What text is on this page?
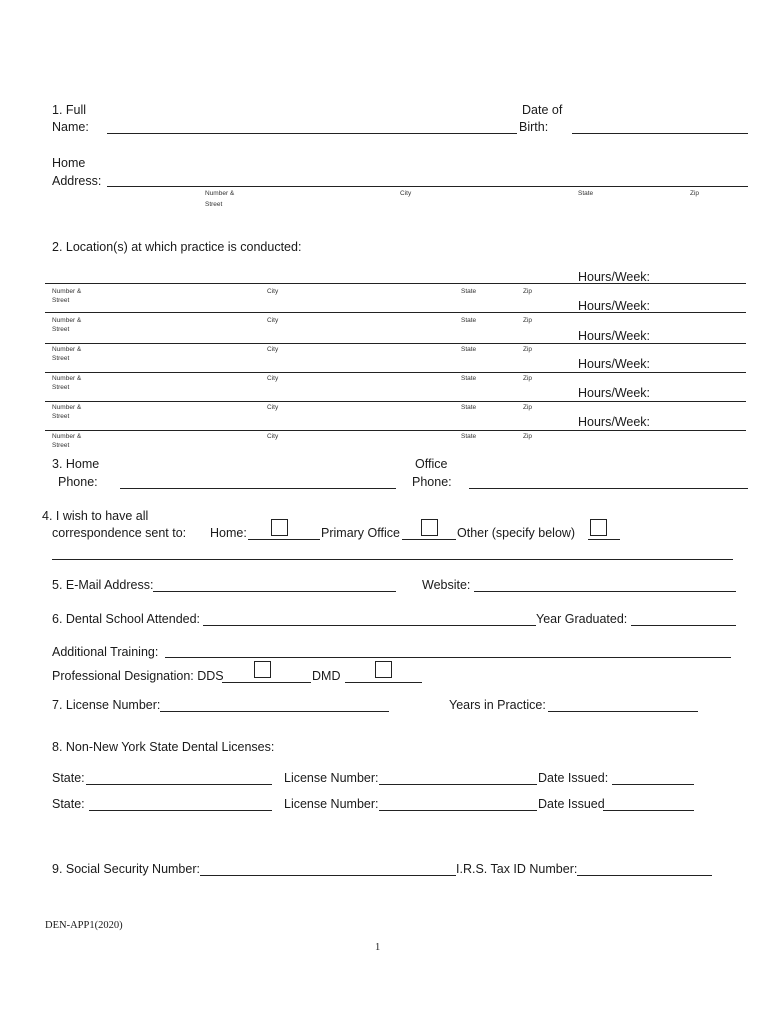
1. Full
Name:
Date of
Birth:
Home
Address:
Number &
Street
City	State	Zip
2. Location(s) at which practice is conducted:
Hours/Week:
Number &
Street
City	State	Zip
Hours/Week:
Number &
Street
City	State	Zip
Hours/Week:
Number &
Street
City	State	Zip
Hours/Week:
Number &
Street
City	State	Zip
Hours/Week:
Number &
Street
City	State	Zip
Hours/Week:
Number &
Street
City	State	Zip
3. Home
Phone:
Office
Phone:
4. I wish to have all
correspondence sent to: Home:	Primary Office	Other (specify below)
5. E-Mail Address:	Website:
6. Dental School Attended:	Year Graduated:
Additional Training:
Professional Designation: DDS	DMD
7. License Number:	Years in Practice:
8. Non-New York State Dental Licenses:
State:	License Number:	Date Issued:
State:	License Number:	Date Issued
9. Social Security Number:	I.R.S. Tax ID Number:
DEN-APP1(2020)
1
